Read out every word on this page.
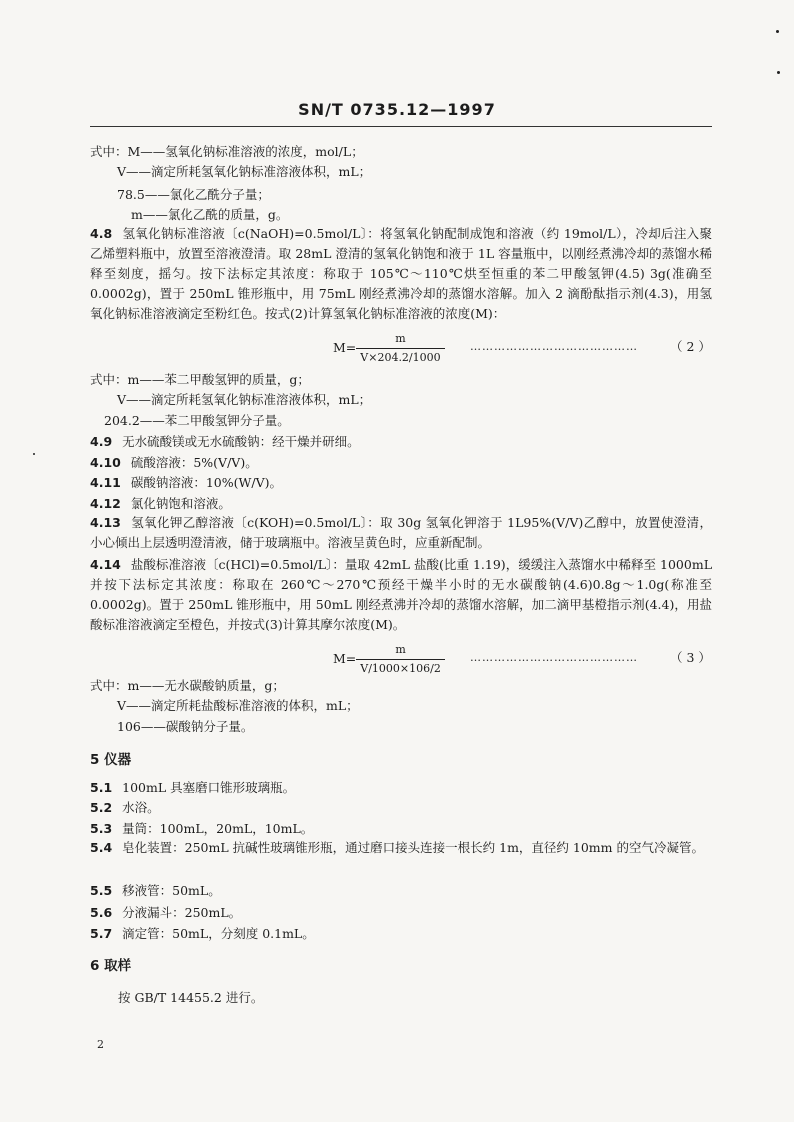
SN/T 0735.12—1997
式中：M——氢氧化钠标准溶液的浓度，mol/L；
V——滴定所耗氢氧化钠标准溶液体积，mL；
78.5——氯化乙酰分子量；
m——氯化乙酰的质量，g。
4.8 氢氧化钠标准溶液〔c(NaOH)=0.5mol/L〕：将氢氧化钠配制成饱和溶液（约 19mol/L），冷却后注入聚乙烯塑料瓶中，放置至溶液澄清。取 28mL 澄清的氢氧化钠饱和液于 1L 容量瓶中，以刚经煮沸冷却的蒸馏水稀释至刻度，摇匀。按下法标定其浓度：称取于 105℃～110℃烘至恒重的苯二甲酸氢钾(4.5) 3g(准确至 0.0002g)，置于 250mL 锥形瓶中，用 75mL 刚经煮沸冷却的蒸馏水溶解。加入 2 滴酚酞指示剂(4.3)，用氢氧化钠标准溶液滴定至粉红色。按式(2)计算氢氧化钠标准溶液的浓度(M)：
$M= \frac{m}{V\times 204.2/1000}$ ……………………………………	（ 2 ）
式中：m——苯二甲酸氢钾的质量，g；
V——滴定所耗氢氧化钠标准溶液体积，mL；
204.2——苯二甲酸氢钾分子量。
4.9 无水硫酸镁或无水硫酸钠：经干燥并研细。
4.10 硫酸溶液：5%(V/V)。
4.11 碳酸钠溶液：10%(W/V)。
4.12 氯化钠饱和溶液。
4.13 氢氧化钾乙醇溶液〔c(KOH)=0.5mol/L〕：取 30g 氢氧化钾溶于 1L95%(V/V)乙醇中，放置使澄清，小心倾出上层透明澄清液，储于玻璃瓶中。溶液呈黄色时，应重新配制。
4.14 盐酸标准溶液〔c(HCl)=0.5mol/L〕：量取 42mL 盐酸(比重 1.19)，缓缓注入蒸馏水中稀释至 1000mL 并按下法标定其浓度：称取在 260℃～270℃预经干燥半小时的无水碳酸钠(4.6)0.8g～1.0g(称准至 0.0002g)。置于 250mL 锥形瓶中，用 50mL 刚经煮沸并冷却的蒸馏水溶解，加二滴甲基橙指示剂(4.4)，用盐酸标准溶液滴定至橙色，并按式(3)计算其摩尔浓度(M)。
$M= \frac{m}{V/1000\times 106/2}$ ……………………………………	（ 3 ）
式中：m——无水碳酸钠质量，g；
V——滴定所耗盐酸标准溶液的体积，mL；
106——碳酸钠分子量。
5 仪器
5.1 100mL 具塞磨口锥形玻璃瓶。
5.2 水浴。
5.3 量筒：100mL，20mL，10mL。
5.4 皂化装置：250mL 抗碱性玻璃锥形瓶，通过磨口接头连接一根长约 1m，直径约 10mm 的空气冷凝管。
5.5 移液管：50mL。
5.6 分液漏斗：250mL。
5.7 滴定管：50mL，分刻度 0.1mL。
6 取样
按 GB/T 14455.2 进行。
2
